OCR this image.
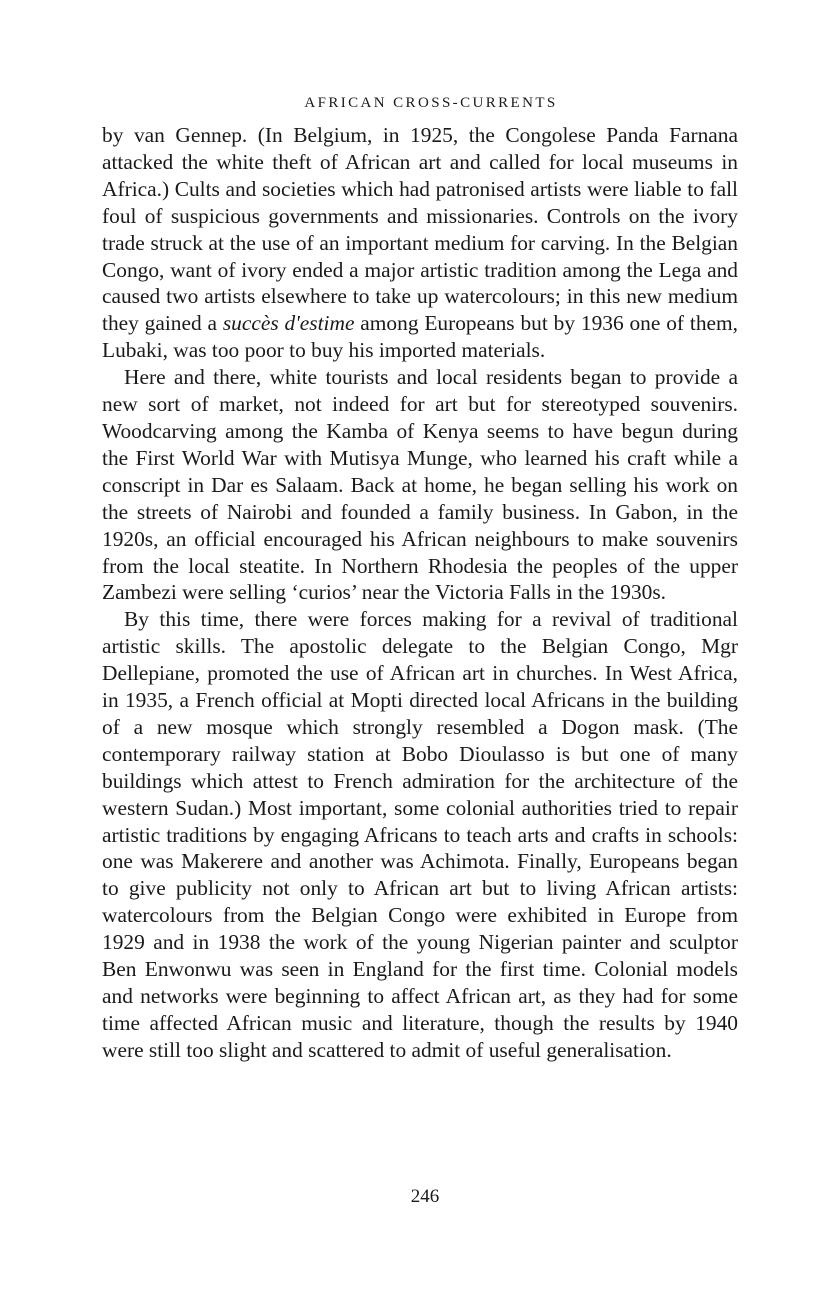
AFRICAN CROSS-CURRENTS

by van Gennep. (In Belgium, in 1925, the Congolese Panda Farnana attacked the white theft of African art and called for local museums in Africa.) Cults and societies which had patronised artists were liable to fall foul of suspicious governments and missionaries. Controls on the ivory trade struck at the use of an important medium for carving. In the Belgian Congo, want of ivory ended a major artistic tradition among the Lega and caused two artists elsewhere to take up watercolours; in this new medium they gained a succès d'estime among Europeans but by 1936 one of them, Lubaki, was too poor to buy his imported materials.

Here and there, white tourists and local residents began to provide a new sort of market, not indeed for art but for stereotyped souvenirs. Woodcarving among the Kamba of Kenya seems to have begun during the First World War with Mutisya Munge, who learned his craft while a conscript in Dar es Salaam. Back at home, he began selling his work on the streets of Nairobi and founded a family business. In Gabon, in the 1920s, an official encouraged his African neighbours to make souvenirs from the local steatite. In Northern Rhodesia the peoples of the upper Zambezi were selling ‘curios’ near the Victoria Falls in the 1930s.

By this time, there were forces making for a revival of traditional artistic skills. The apostolic delegate to the Belgian Congo, Mgr Dellepiane, promoted the use of African art in churches. In West Africa, in 1935, a French official at Mopti directed local Africans in the building of a new mosque which strongly resembled a Dogon mask. (The contemporary railway station at Bobo Dioulasso is but one of many buildings which attest to French admiration for the architecture of the western Sudan.) Most important, some colonial authorities tried to repair artistic traditions by engaging Africans to teach arts and crafts in schools: one was Makerere and another was Achimota. Finally, Europeans began to give publicity not only to African art but to living African artists: watercolours from the Belgian Congo were exhibited in Europe from 1929 and in 1938 the work of the young Nigerian painter and sculptor Ben Enwonwu was seen in England for the first time. Colonial models and networks were beginning to affect African art, as they had for some time affected African music and literature, though the results by 1940 were still too slight and scattered to admit of useful generalisation.

246
